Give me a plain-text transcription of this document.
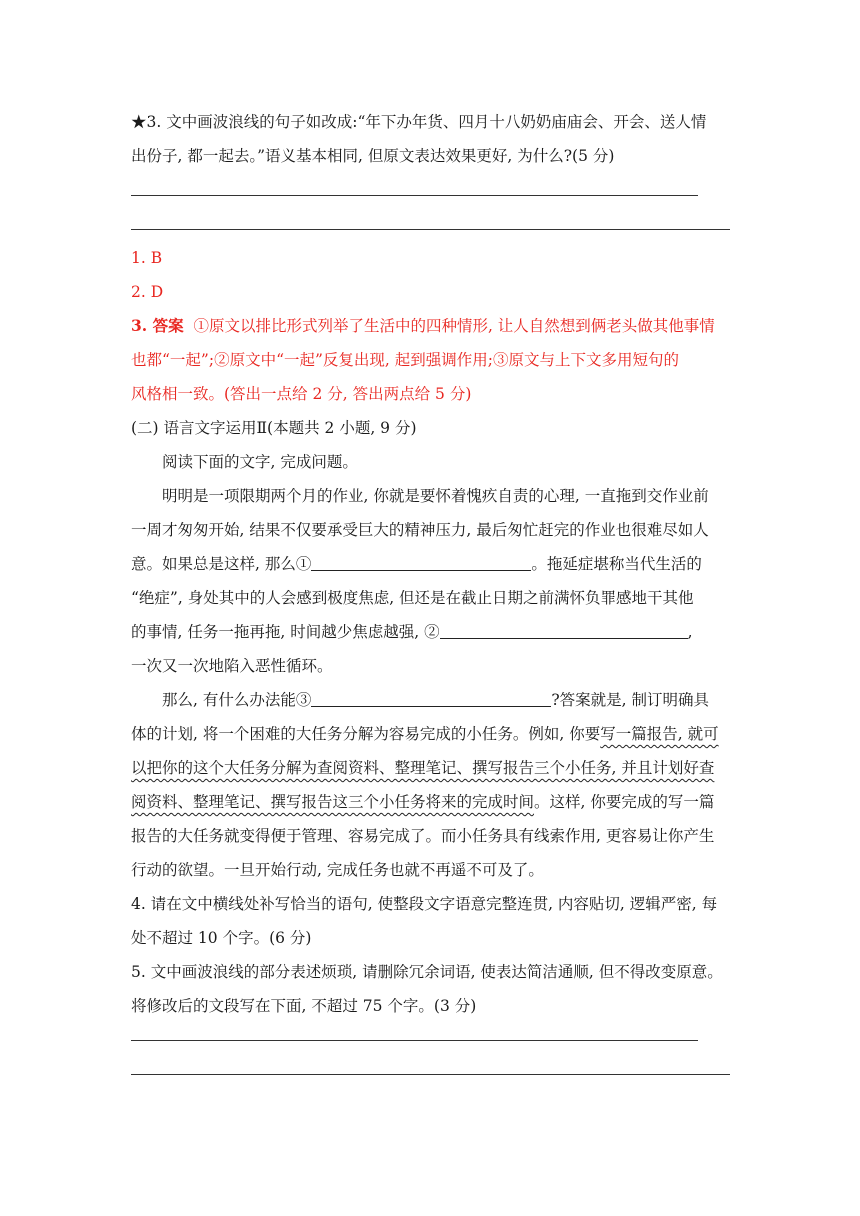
★3. 文中画波浪线的句子如改成:“年下办年货、四月十八奶奶庙庙会、开会、送人情
出份子, 都一起去。”语义基本相同, 但原文表达效果更好, 为什么?(5 分)
1. B
2. D
3. 答案 ①原文以排比形式列举了生活中的四种情形, 让人自然想到俩老头做其他事情
也都“一起”;②原文中“一起”反复出现, 起到强调作用;③原文与上下文多用短句的
风格相一致。(答出一点给 2 分, 答出两点给 5 分)
(二) 语言文字运用Ⅱ(本题共 2 小题, 9 分)
阅读下面的文字, 完成问题。
明明是一项限期两个月的作业, 你就是要怀着愧疚自责的心理, 一直拖到交作业前
一周才匆匆开始, 结果不仅要承受巨大的精神压力, 最后匆忙赶完的作业也很难尽如人
意。如果总是这样, 那么①	。拖延症堪称当代生活的
“绝症”, 身处其中的人会感到极度焦虑, 但还是在截止日期之前满怀负罪感地干其他
的事情, 任务一拖再拖, 时间越少焦虑越强, ②	,
一次又一次地陷入恶性循环。
那么, 有什么办法能③	?答案就是, 制订明确具
体的计划, 将一个困难的大任务分解为容易完成的小任务。例如, 你要写一篇报告, 就可
以把你的这个大任务分解为查阅资料、整理笔记、撰写报告三个小任务, 并且计划好查
阅资料、整理笔记、撰写报告这三个小任务将来的完成时间。这样, 你要完成的写一篇
报告的大任务就变得便于管理、容易完成了。而小任务具有线索作用, 更容易让你产生
行动的欲望。一旦开始行动, 完成任务也就不再遥不可及了。
4. 请在文中横线处补写恰当的语句, 使整段文字语意完整连贯, 内容贴切, 逻辑严密, 每
处不超过 10 个字。(6 分)
5. 文中画波浪线的部分表述烦琐, 请删除冗余词语, 使表达简洁通顺, 但不得改变原意。
将修改后的文段写在下面, 不超过 75 个字。(3 分)
